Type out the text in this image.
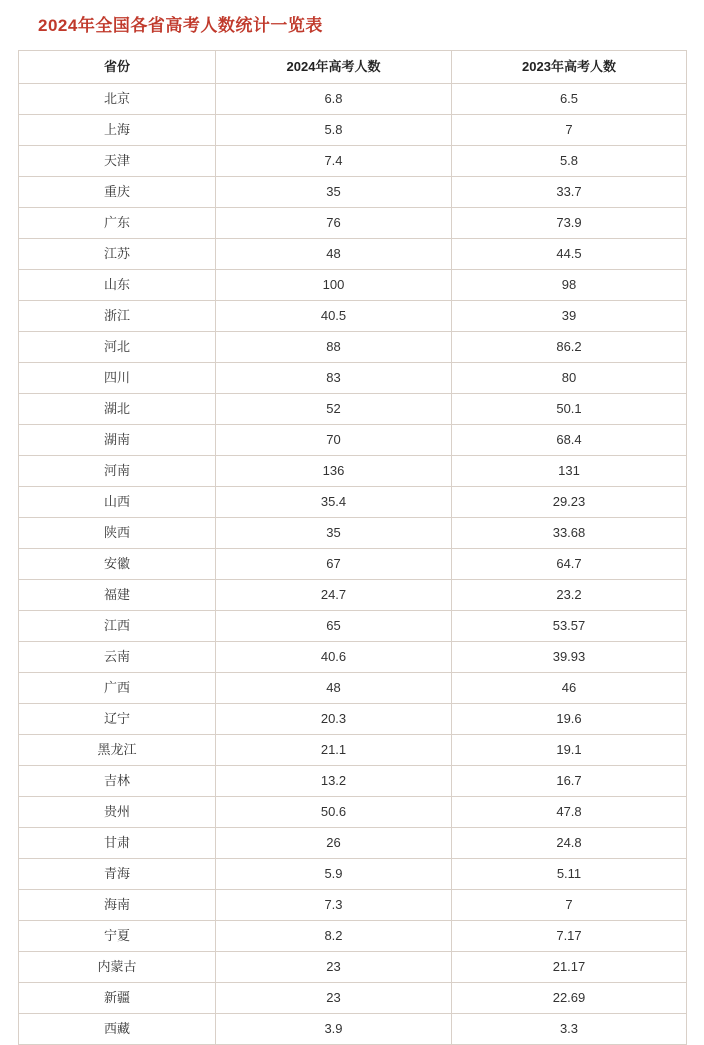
2024年全国各省高考人数统计一览表
省份	2024年高考人数	2023年高考人数
北京	6.8	6.5
上海	5.8	7
天津	7.4	5.8
重庆	35	33.7
广东	76	73.9
江苏	48	44.5
山东	100	98
浙江	40.5	39
河北	88	86.2
四川	83	80
湖北	52	50.1
湖南	70	68.4
河南	136	131
山西	35.4	29.23
陕西	35	33.68
安徽	67	64.7
福建	24.7	23.2
江西	65	53.57
云南	40.6	39.93
广西	48	46
辽宁	20.3	19.6
黑龙江	21.1	19.1
吉林	13.2	16.7
贵州	50.6	47.8
甘肃	26	24.8
青海	5.9	5.11
海南	7.3	7
宁夏	8.2	7.17
内蒙古	23	21.17
新疆	23	22.69
西藏	3.9	3.3
